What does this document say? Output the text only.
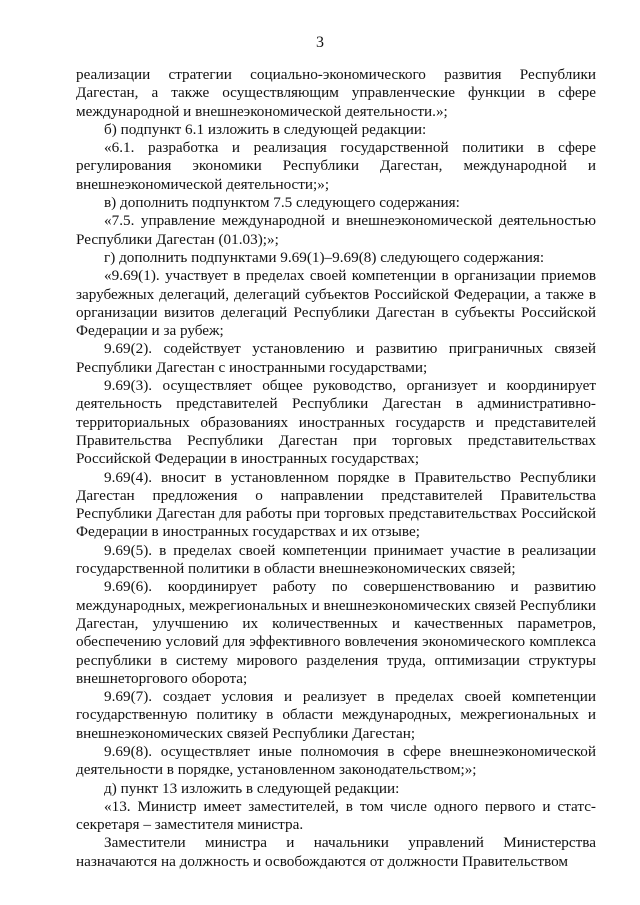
3

реализации стратегии социально-экономического развития Республики Дагестан, а также осуществляющим управленческие функции в сфере международной и внешнеэкономической деятельности.»;

б) подпункт 6.1 изложить в следующей редакции:

«6.1. разработка и реализация государственной политики в сфере регулирования экономики Республики Дагестан, международной и внешнеэкономической деятельности;»;

в) дополнить подпунктом 7.5 следующего содержания:

«7.5. управление международной и внешнеэкономической деятельностью Республики Дагестан (01.03);»;

г) дополнить подпунктами 9.69(1)–9.69(8) следующего содержания:

«9.69(1). участвует в пределах своей компетенции в организации приемов зарубежных делегаций, делегаций субъектов Российской Федерации, а также в организации визитов делегаций Республики Дагестан в субъекты Российской Федерации и за рубеж;

9.69(2). содействует установлению и развитию приграничных связей Республики Дагестан с иностранными государствами;

9.69(3). осуществляет общее руководство, организует и координирует деятельность представителей Республики Дагестан в административно-территориальных образованиях иностранных государств и представителей Правительства Республики Дагестан при торговых представительствах Российской Федерации в иностранных государствах;

9.69(4). вносит в установленном порядке в Правительство Республики Дагестан предложения о направлении представителей Правительства Республики Дагестан для работы при торговых представительствах Российской Федерации в иностранных государствах и их отзыве;

9.69(5). в пределах своей компетенции принимает участие в реализации государственной политики в области внешнеэкономических связей;

9.69(6). координирует работу по совершенствованию и развитию международных, межрегиональных и внешнеэкономических связей Республики Дагестан, улучшению их количественных и качественных параметров, обеспечению условий для эффективного вовлечения экономического комплекса республики в систему мирового разделения труда, оптимизации структуры внешнеторгового оборота;

9.69(7). создает условия и реализует в пределах своей компетенции государственную политику в области международных, межрегиональных и внешнеэкономических связей Республики Дагестан;

9.69(8). осуществляет иные полномочия в сфере внешнеэкономической деятельности в порядке, установленном законодательством;»;

д) пункт 13 изложить в следующей редакции:

«13. Министр имеет заместителей, в том числе одного первого и статс-секретаря – заместителя министра.

Заместители министра и начальники управлений Министерства назначаются на должность и освобождаются от должности Правительством
